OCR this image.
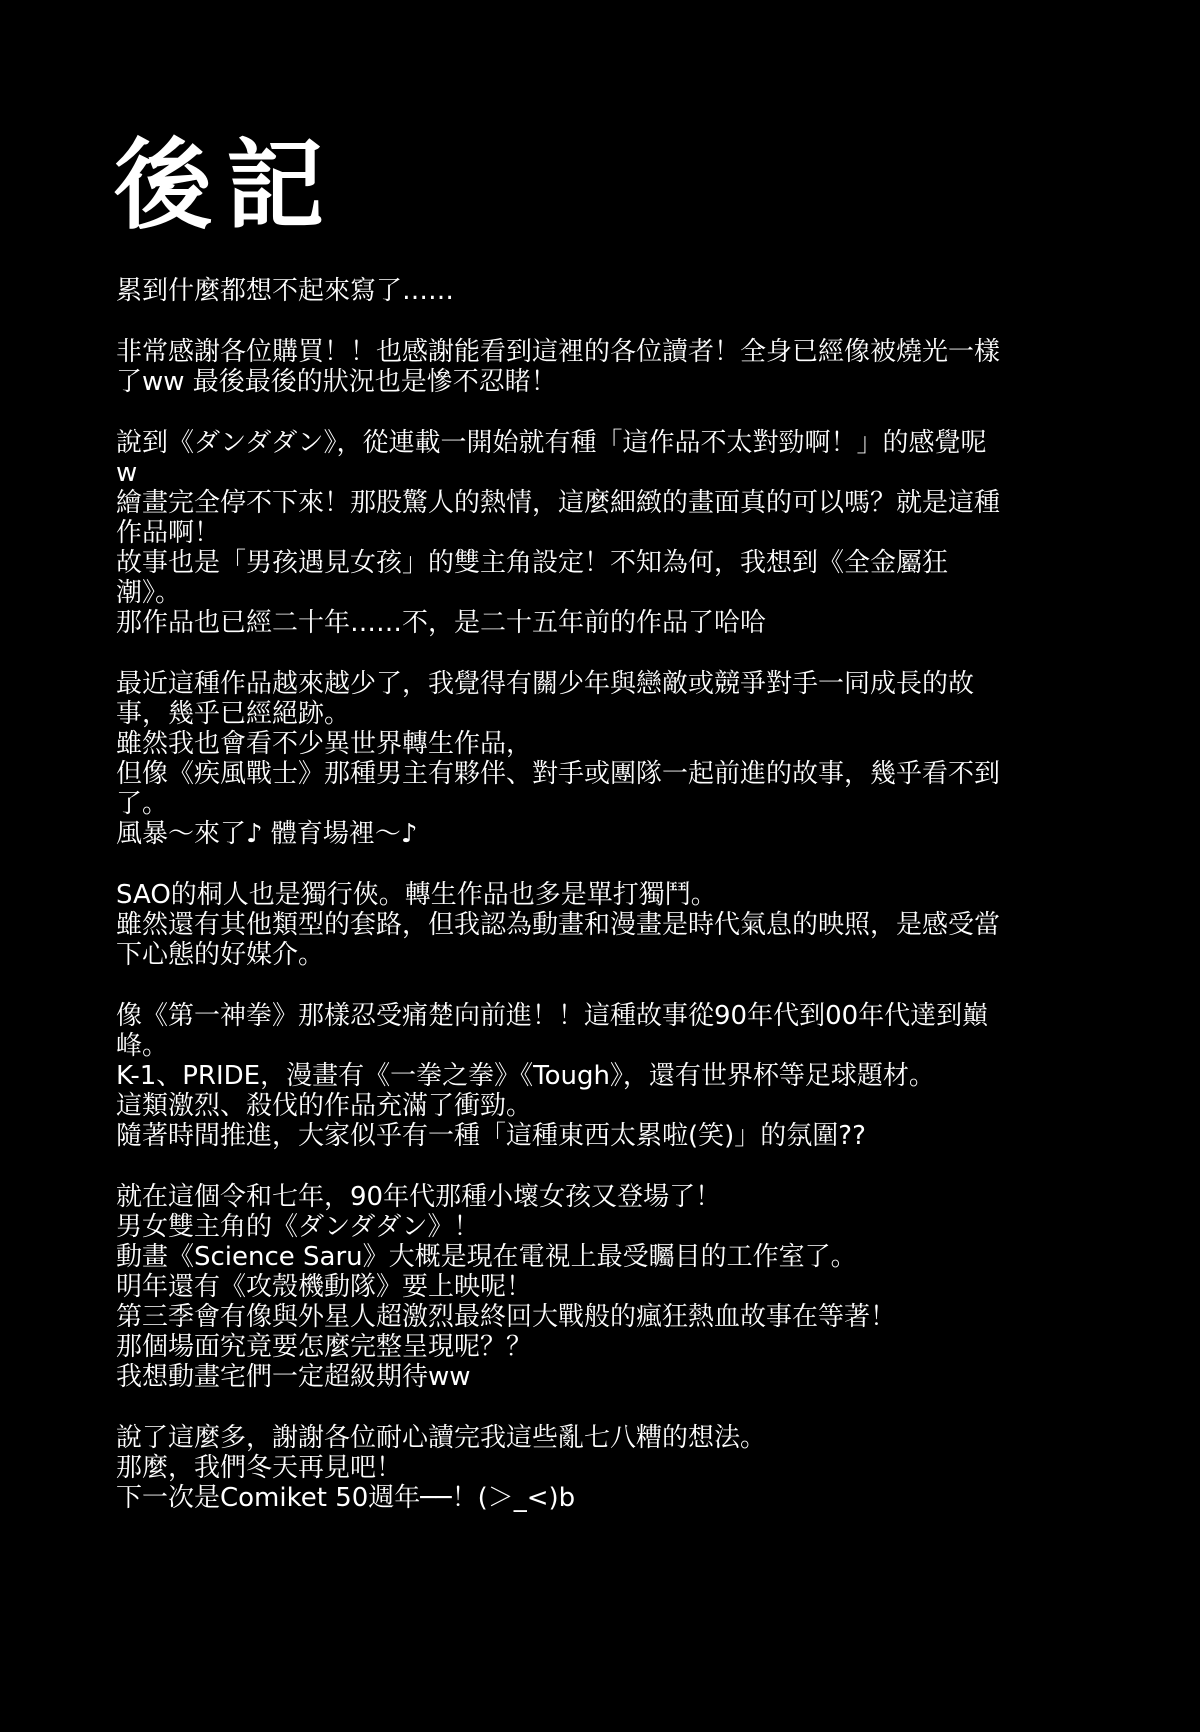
後記
累到什麼都想不起來寫了……
非常感謝各位購買！！也感謝能看到這裡的各位讀者！全身已經像被燒光一樣
了ww 最後最後的狀況也是慘不忍睹！
說到《ダンダダン》，從連載一開始就有種「這作品不太對勁啊！」的感覺呢
w
繪畫完全停不下來！那股驚人的熱情，這麼細緻的畫面真的可以嗎？就是這種
作品啊！
故事也是「男孩遇見女孩」的雙主角設定！不知為何，我想到《全金屬狂
潮》。
那作品也已經二十年……不，是二十五年前的作品了哈哈
最近這種作品越來越少了，我覺得有關少年與戀敵或競爭對手一同成長的故
事，幾乎已經絕跡。
雖然我也會看不少異世界轉生作品，
但像《疾風戰士》那種男主有夥伴、對手或團隊一起前進的故事，幾乎看不到
了。
風暴～來了♪ 體育場裡～♪
SAO的桐人也是獨行俠。轉生作品也多是單打獨鬥。
雖然還有其他類型的套路，但我認為動畫和漫畫是時代氣息的映照，是感受當
下心態的好媒介。
像《第一神拳》那樣忍受痛楚向前進！！這種故事從90年代到00年代達到巔
峰。
K-1、PRIDE，漫畫有《一拳之拳》《Tough》，還有世界杯等足球題材。
這類激烈、殺伐的作品充滿了衝勁。
隨著時間推進，大家似乎有一種「這種東西太累啦(笑)」的氛圍??
就在這個令和七年，90年代那種小壞女孩又登場了！
男女雙主角的《ダンダダン》！
動畫《Science Saru》大概是現在電視上最受矚目的工作室了。
明年還有《攻殼機動隊》要上映呢！
第三季會有像與外星人超激烈最終回大戰般的瘋狂熱血故事在等著！
那個場面究竟要怎麼完整呈現呢？？
我想動畫宅們一定超級期待ww
說了這麼多，謝謝各位耐心讀完我這些亂七八糟的想法。
那麼，我們冬天再見吧！
下一次是Comiket 50週年──！(＞_<)b
